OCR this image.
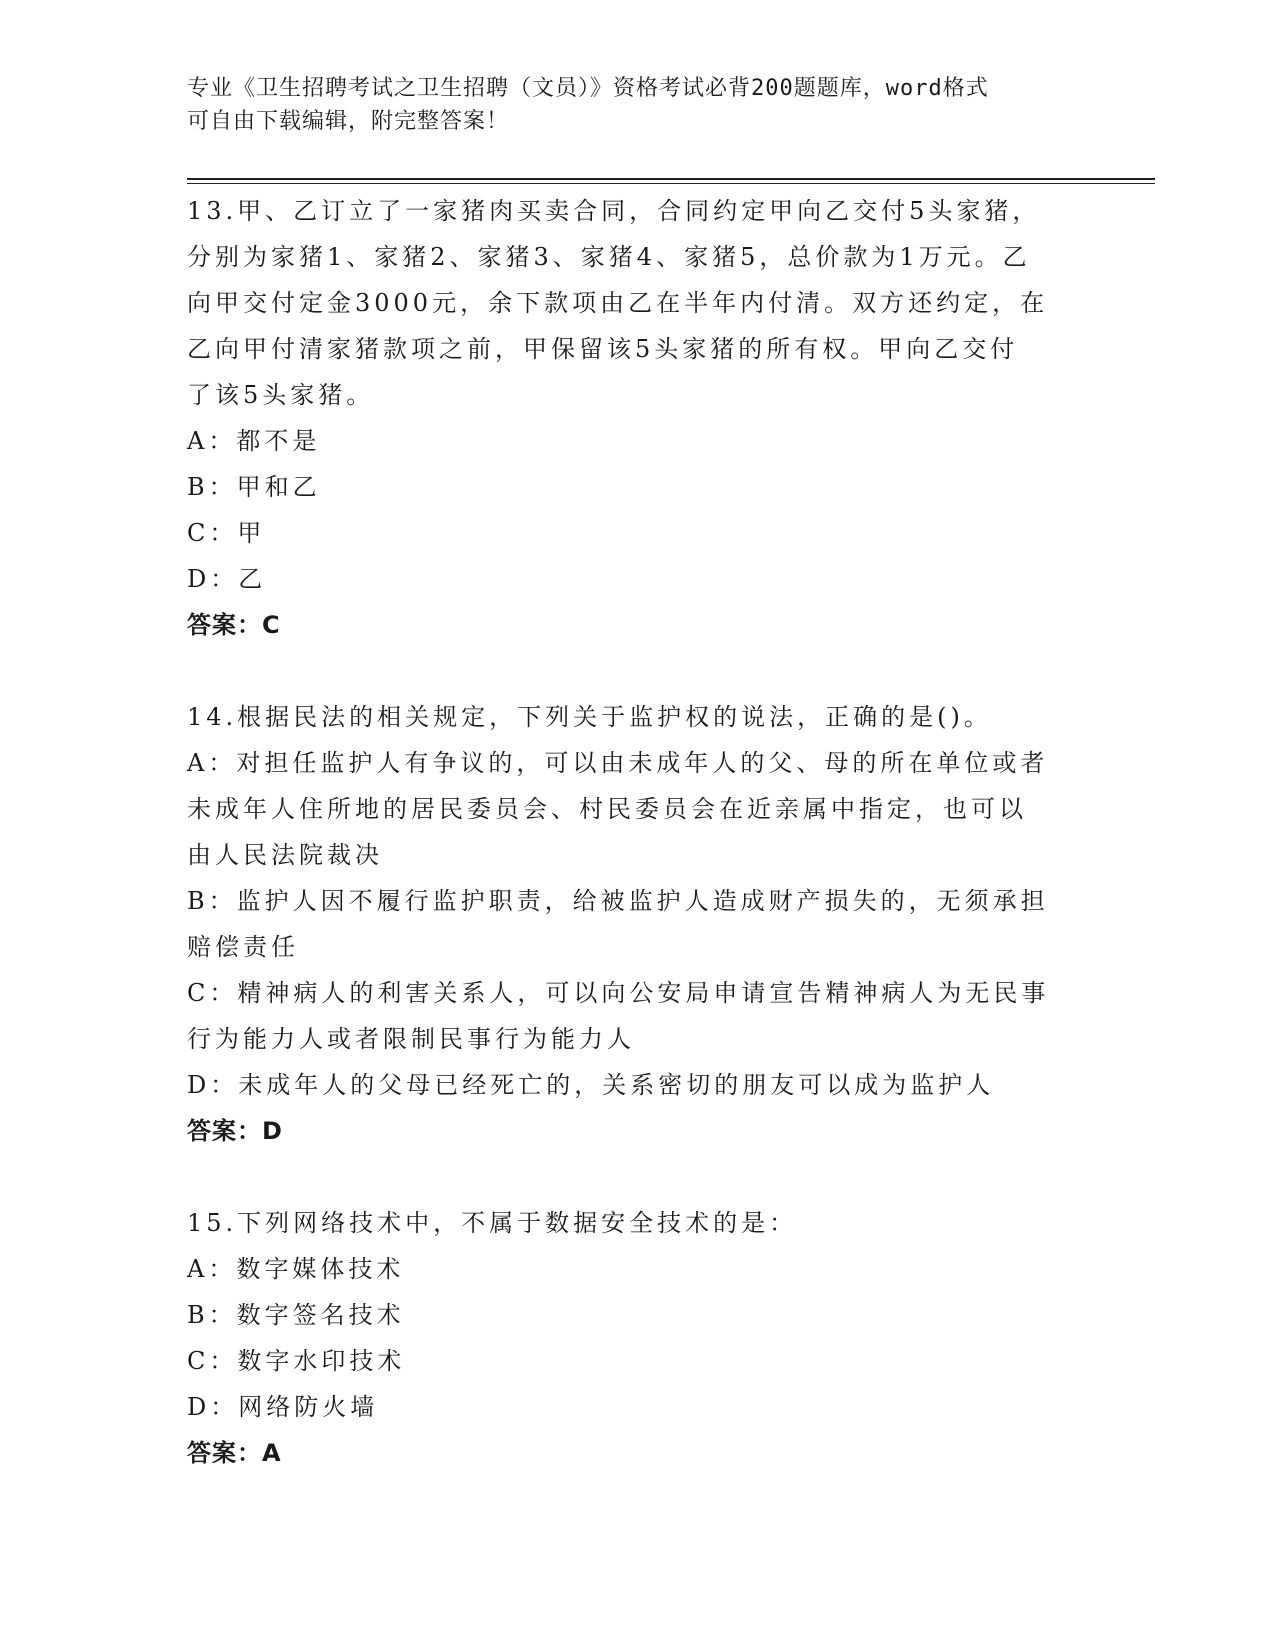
专业《卫生招聘考试之卫生招聘（文员）》资格考试必背200题题库，word格式
可自由下载编辑，附完整答案！
13.甲、乙订立了一家猪肉买卖合同，合同约定甲向乙交付5头家猪，
分别为家猪1、家猪2、家猪3、家猪4、家猪5，总价款为1万元。乙
向甲交付定金3000元，余下款项由乙在半年内付清。双方还约定，在
乙向甲付清家猪款项之前，甲保留该5头家猪的所有权。甲向乙交付
了该5头家猪。
A：都不是
B：甲和乙
C：甲
D：乙
答案：C
14.根据民法的相关规定，下列关于监护权的说法，正确的是()。
A：对担任监护人有争议的，可以由未成年人的父、母的所在单位或者
未成年人住所地的居民委员会、村民委员会在近亲属中指定，也可以
由人民法院裁决
B：监护人因不履行监护职责，给被监护人造成财产损失的，无须承担
赔偿责任
C：精神病人的利害关系人，可以向公安局申请宣告精神病人为无民事
行为能力人或者限制民事行为能力人
D：未成年人的父母已经死亡的，关系密切的朋友可以成为监护人
答案：D
15.下列网络技术中，不属于数据安全技术的是：
A：数字媒体技术
B：数字签名技术
C：数字水印技术
D：网络防火墙
答案：A
